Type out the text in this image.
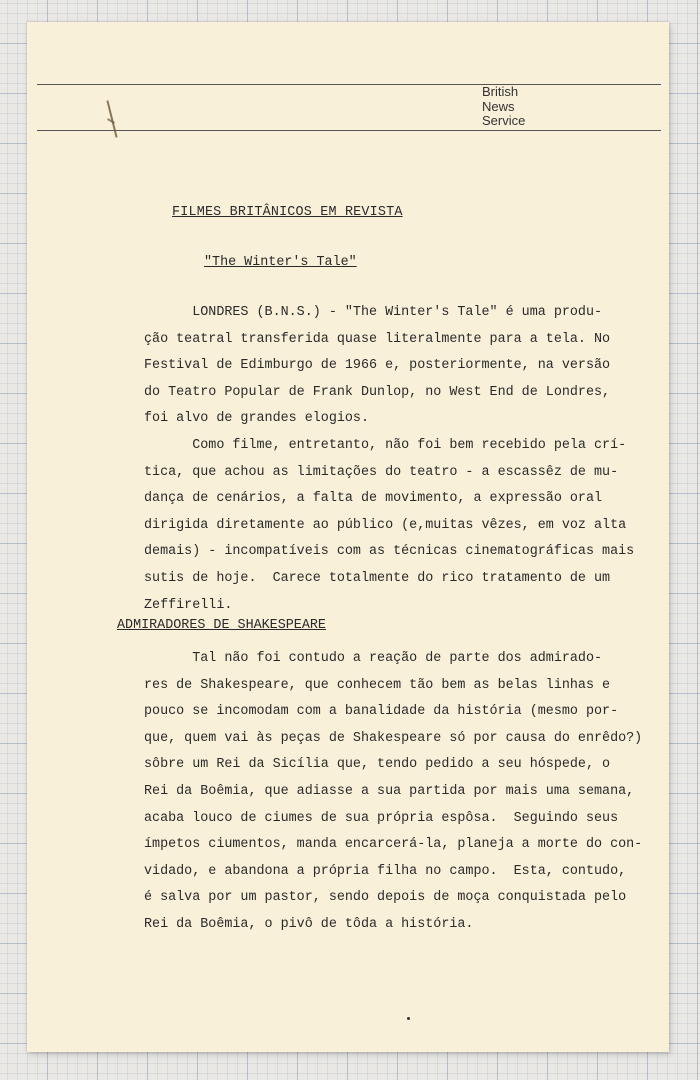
British
News
Service
FILMES BRITÂNICOS EM REVISTA
"The Winter's Tale"
LONDRES (B.N.S.) - "The Winter's Tale" é uma produ-
ção teatral transferida quase literalmente para a tela. No
Festival de Edimburgo de 1966 e, posteriormente, na versão
do Teatro Popular de Frank Dunlop, no West End de Londres,
foi alvo de grandes elogios.
Como filme, entretanto, não foi bem recebido pela crí-
tica, que achou as limitações do teatro - a escassêz de mu-
dança de cenários, a falta de movimento, a expressão oral
dirigida diretamente ao público (e,muitas vêzes, em voz alta
demais) - incompatíveis com as técnicas cinematográficas mais
sutis de hoje.  Carece totalmente do rico tratamento de um
Zeffirelli.
ADMIRADORES DE SHAKESPEARE
Tal não foi contudo a reação de parte dos admirado-
res de Shakespeare, que conhecem tão bem as belas linhas e
pouco se incomodam com a banalidade da história (mesmo por-
que, quem vai às peças de Shakespeare só por causa do enrêdo?)
sôbre um Rei da Sicília que, tendo pedido a seu hóspede, o
Rei da Boêmia, que adiasse a sua partida por mais uma semana,
acaba louco de ciumes de sua própria espôsa.  Seguindo seus
ímpetos ciumentos, manda encarcerá-la, planeja a morte do con-
vidado, e abandona a própria filha no campo.  Esta, contudo,
é salva por um pastor, sendo depois de moça conquistada pelo
Rei da Boêmia, o pivô de tôda a história.
